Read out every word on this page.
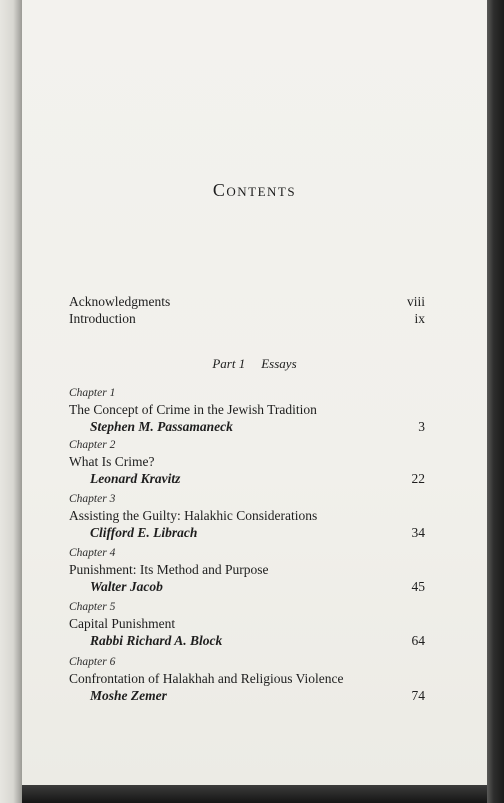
Contents
Acknowledgments	viii
Introduction	ix
Part 1 Essays
Chapter 1
The Concept of Crime in the Jewish Tradition
Stephen M. Passamaneck	3
Chapter 2
What Is Crime?
Leonard Kravitz	22
Chapter 3
Assisting the Guilty: Halakhic Considerations
Clifford E. Librach	34
Chapter 4
Punishment: Its Method and Purpose
Walter Jacob	45
Chapter 5
Capital Punishment
Rabbi Richard A. Block	64
Chapter 6
Confrontation of Halakhah and Religious Violence
Moshe Zemer	74
